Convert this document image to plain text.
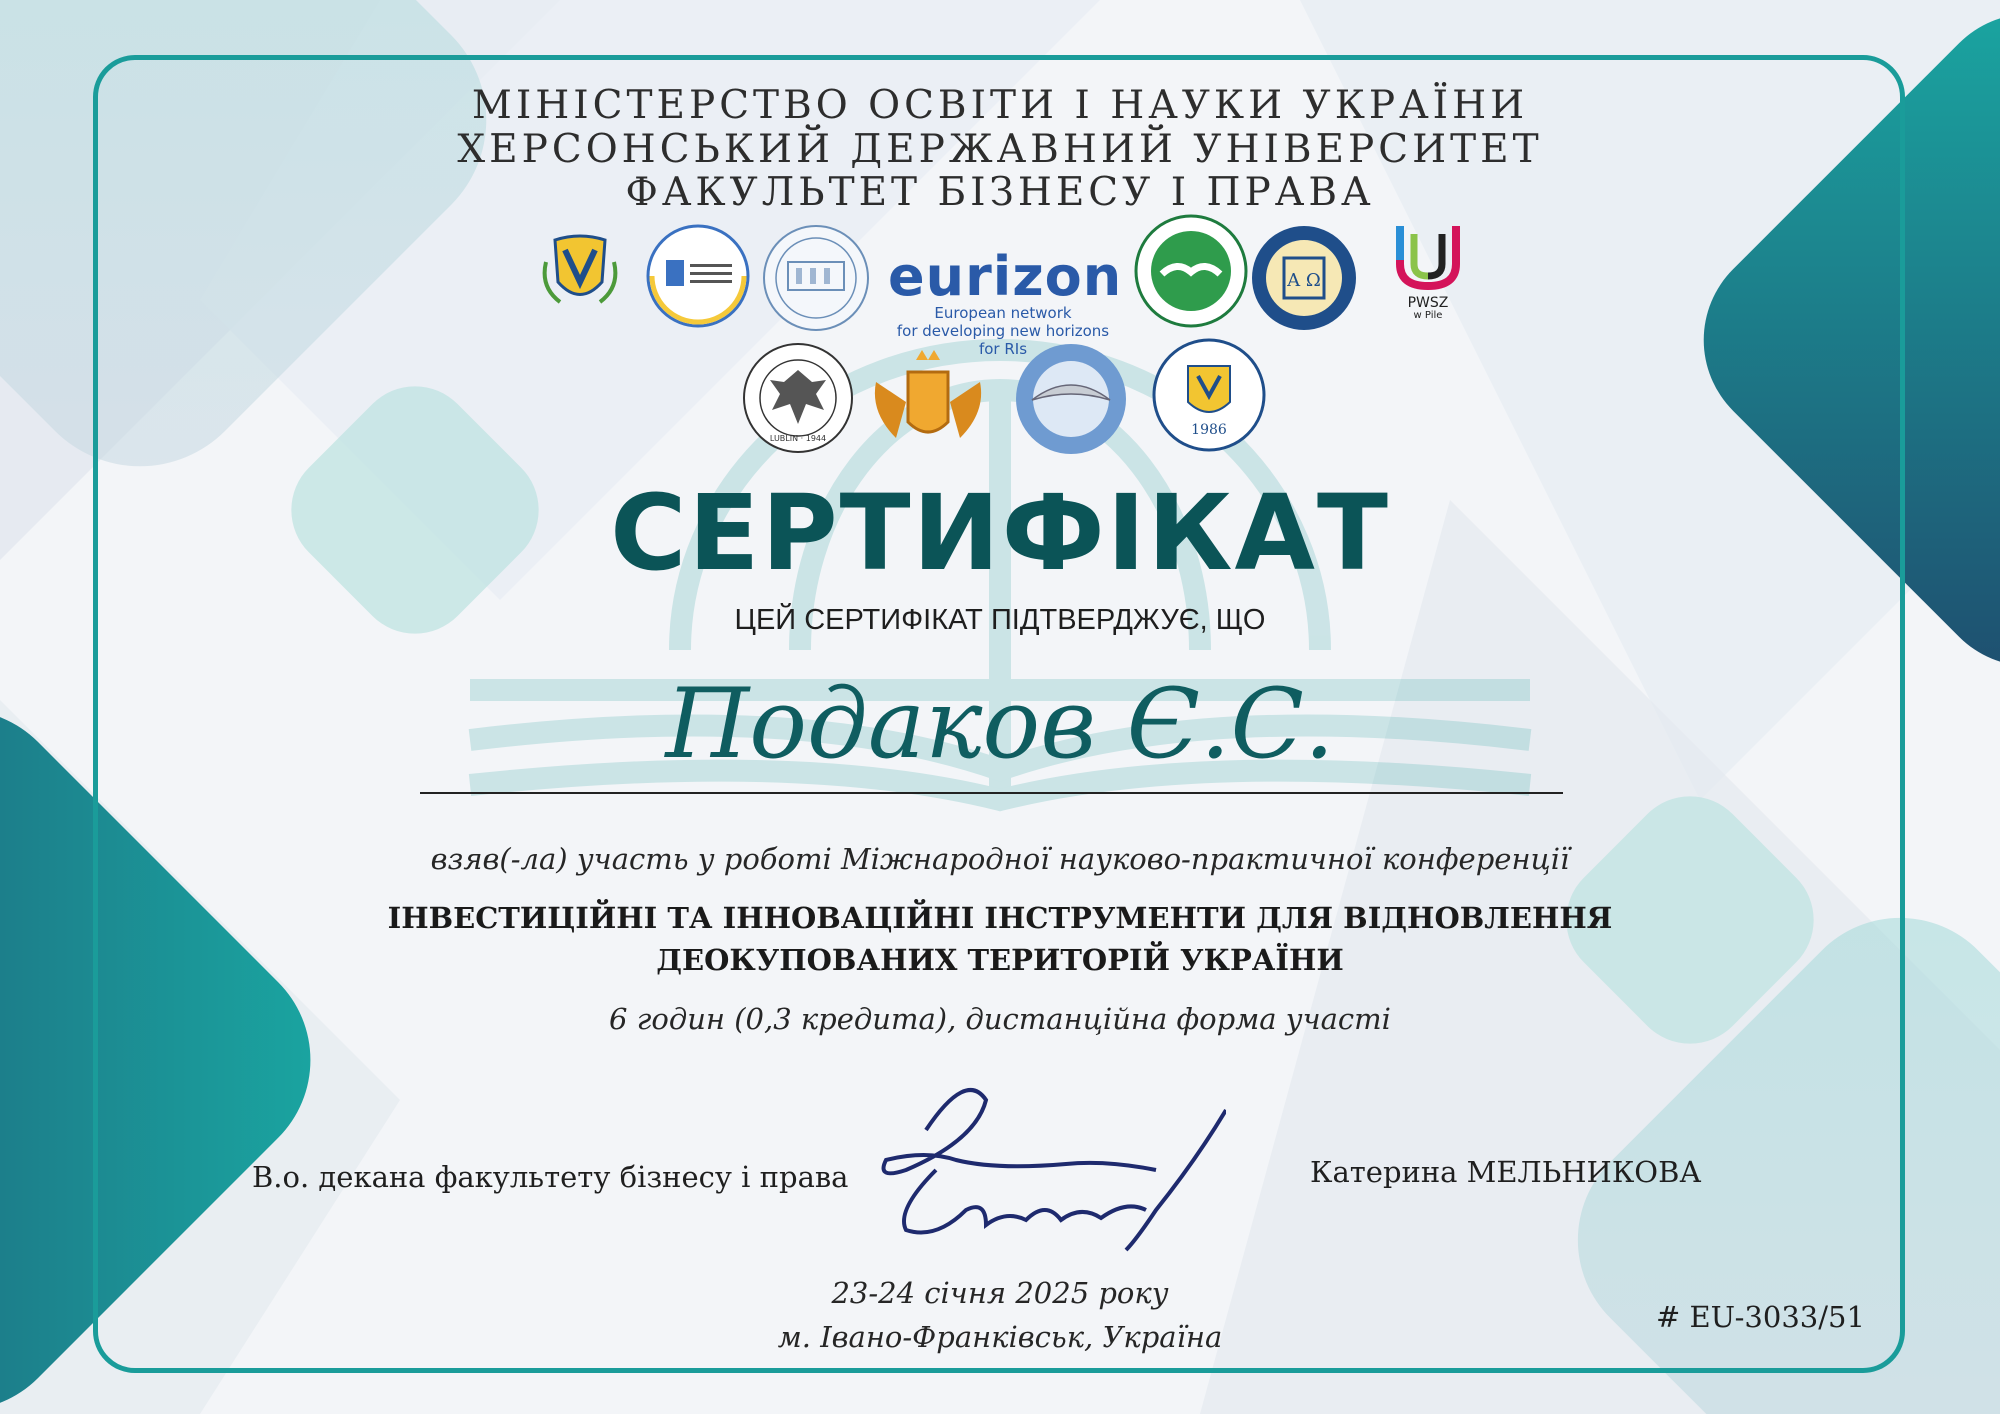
МІНІСТЕРСТВО ОСВІТИ І НАУКИ УКРАЇНИ
ХЕРСОНСЬКИЙ ДЕРЖАВНИЙ УНІВЕРСИТЕТ
ФАКУЛЬТЕТ БІЗНЕСУ І ПРАВА
eurizon
European network
for developing new horizons for RIs
Α Ω
PWSZ
w Pile
LUBLIN · 1944
1986
СЕРТИФІКАТ
ЦЕЙ СЕРТИФІКАТ ПІДТВЕРДЖУЄ, ЩО
Подаков Є.С.
взяв(-ла) участь у роботі Міжнародної науково-практичної конференції
ІНВЕСТИЦІЙНІ ТА ІННОВАЦІЙНІ ІНСТРУМЕНТИ ДЛЯ ВІДНОВЛЕННЯ
ДЕОКУПОВАНИХ ТЕРИТОРІЙ УКРАЇНИ
6 годин (0,3 кредита), дистанційна форма участі
В.о. декана факультету бізнесу і права	Катерина МЕЛЬНИКОВА
23-24 січня 2025 року
м. Івано-Франківськ, Україна
# EU-3033/51
